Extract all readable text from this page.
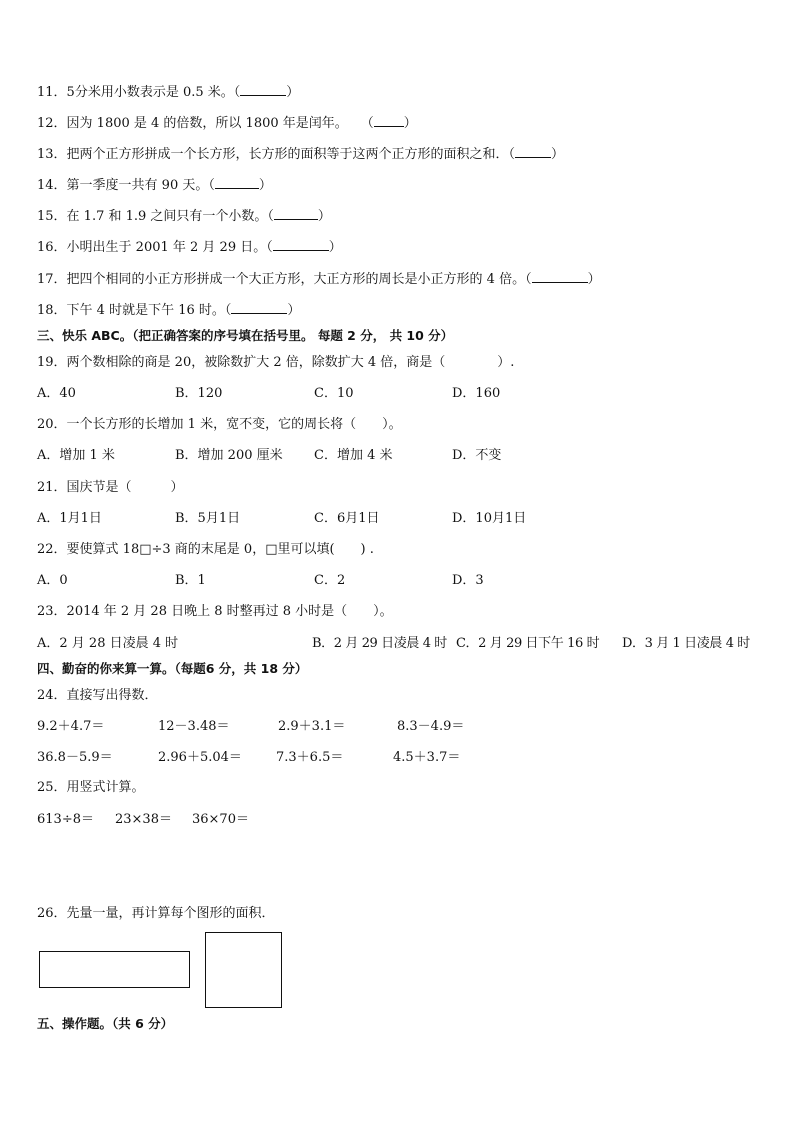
11．5分米用小数表示是 0.5 米。（	）
12．因为 1800 是 4 的倍数，所以 1800 年是闰年。　　（ ）
13．把两个正方形拼成一个长方形，长方形的面积等于这两个正方形的面积之和．（	）
14．第一季度一共有 90 天。（	）
15．在 1.7 和 1.9 之间只有一个小数。（	）
16．小明出生于 2001 年 2 月 29 日。（	）
17．把四个相同的小正方形拼成一个大正方形，大正方形的周长是小正方形的 4 倍。（	）
18．下午 4 时就是下午 16 时。（	）
三、快乐 ABC。（把正确答案的序号填在括号里。 每题 2 分， 共 10 分）
19．两个数相除的商是 20，被除数扩大 2 倍，除数扩大 4 倍，商是（　　　　）.
A．40	B．120	C．10	D．160
20．一个长方形的长增加 1 米，宽不变，它的周长将（　　）。
A．增加 1 米	B．增加 200 厘米 C．增加 4 米	D．不变
21．国庆节是（　　　）
A．1月1日	B．5月1日	C．6月1日	D．10月1日
22．要使算式 18□÷3 商的末尾是 0，□里可以填(　　) .
A．0	B．1	C．2	D．3
23．2014 年 2 月 28 日晚上 8 时整再过 8 小时是（　　）。
A．2 月 28 日凌晨 4 时	B．2 月 29 日凌晨 4 时 C．2 月 29 日下午 16 时 D．3 月 1 日凌晨 4 时
四、勤奋的你来算一算。（每题6 分，共 18 分）
24．直接写出得数．
9.2＋4.7＝	12－3.48＝	2.9＋3.1＝	8.3－4.9＝
36.8－5.9＝	2.96＋5.04＝	7.3＋6.5＝	4.5＋3.7＝
25．用竖式计算。
613÷8＝ 23×38＝ 36×70＝
26．先量一量，再计算每个图形的面积．
五、操作题。（共 6 分）
